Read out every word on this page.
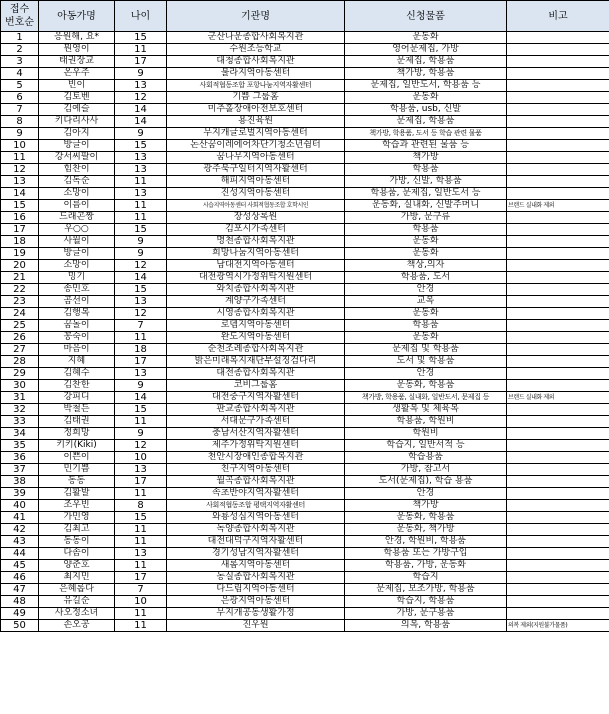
접수
번호순	아동가명	나이	기관명	신청물품	비고
1	응원해, 요*	15	군산나운종합사회복지관	운동화	
2	뭔영이	11	수원조등학교	영어문제집, 가방	
3	태권장교	17	대청종합사회복지관	문제집, 학용품	
4	온우주	9	불라지역아동센터	책가방, 학용품	
5	빈이	13	사회적협동조합 포항나눔지역자활센터	문제집, 일반도서, 학용품 등	
6	김토벤	12	기쁨 그룹홈	운동화	
7	김예슬	14	미추홀장애아전보호센터	학용품, usb, 신발	
8	키다리사사	14	용진육원	문제집, 학용품	
9	김아지	9	무지개글로벌지역아동센터	책가방, 학용품, 도서 등 학습 관련 물품	
10	방글이	15	논산꿈이레에어차단기청소년쉼터	학습과 관련된 물품 등	
11	강서씨팔이	13	꿈나무지역아동센터	책가방	
12	힘찬이	13	광주북구일터지역자활센터	학용품	
13	김독순	11	해피지역아동센터	가방, 신발, 학용품	
14	소망이	13	진성지역아동센터	학용품, 문제집, 일반도서 등	
15	이름이	11	시습지역아동센터 사회적협동조합 호학시인	운동화, 실내화, 신발주머니	브랜드 실내화 제외
16	드래곤짱	11	장성상록원	가방, 문구류	
17	우○○	15	김포시가족센터	학용품	
18	사월이	9	명천종합사회복지관	운동화	
19	방글이	9	희망나눔지역아동센터	운동화	
20	소망이	12	남대전지역아동센터	책상,의자	
21	밍기	14	대전광역시가정위탁지원센터	학용품, 도서	
22	송민호	15	와치종합사회복지관	안경	
23	곰선이	13	계양구가족센터	교복	
24	김행복	12	시영종합사회복지관	운동화	
25	꿈돌이	7	로뎀지역아동센터	학용품	
26	꽁숙이	11	완도지역아동센터	운동화	
27	마음이	18	순천조례종합사회복지관	문제집 및 학용품	
28	지혜	17	밝은미래복지재단부설징검다리	도서 및 학용품	
29	김혜수	13	대전종합사회복지관	안경	
30	김찬한	9	코비그룹홈	운동화, 학용품	
31	강피디	14	대전중구지역자활센터	책가방, 학용품, 실내화, 일반도서, 문제집 등	브랜드 실내화 제외
32	박철든	15	판교종합사회복지관	생활복 및 체육복	
33	김태권	11	서대문구가족센터	학용품, 학원비	
34	정희망	9	충남서산지역자활센터	학원비	
35	키키(Kiki)	12	제주가정위탁지원센터	학습지, 일반서적 등	
36	이쁜이	10	천안시장애인종합복지관	학습용품	
37	민기쁨	13	친구지역아동센터	가방, 참고서	
38	동동	17	월곡종합사회복지관	도서(문제집), 학습 용품	
39	김활발	11	속초반야지역자활센터	안경	
40	조우빈	8	사회적협동조합 평택지역자활센터	책가방	
41	가민영	15	와룡성심지역아동센터	운동화, 학용품	
42	김최고	11	녹양종합사회복지관	운동화, 책가방	
43	동동이	11	대전대덕구지역자활센터	안경, 학원비, 학용품	
44	다솜이	13	경기성남지역자활센터	학용품 또는 가방구입	
45	양준호	11	새롬지역아동센터	학용품, 가방, 운동화	
46	최지민	17	농실종합사회복지관	학습지	
47	은혜롭다	7	다드림지역아동센터	문제집, 보조가방, 학용품	
48	유길순	10	은광지역아동센터	학습지, 학용품	
49	사오정소녀	11	무지개공동생활가정	가방, 문구용품	
50	손오공	11	진우원	의복, 학용품	의복 제외(지원불가물품)
